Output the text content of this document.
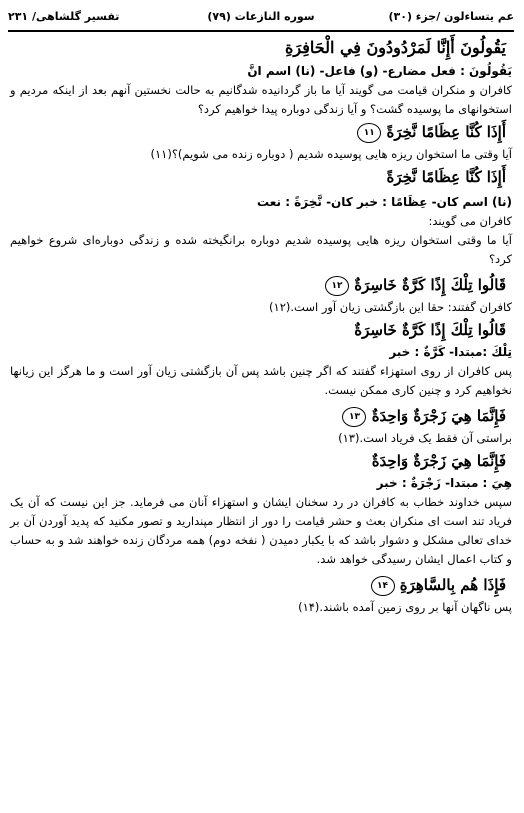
عم یتساءلون /جزء (۳۰)
سوره النازعات (۷۹)
تفسیر گلشاهی/ ۲۳۱
يَقُولُونَ أَإِنَّا لَمَرْدُودُونَ فِي الْحَافِرَةِ
يَقُولُونَ : فعل مضارع- (و) فاعل- (نا) اسم انَّ
کافران و منکران قیامت می گویند آیا ما باز گردانیده شدگانیم به حالت نخستین آنهم بعد از اینکه مردیم و استخوانهای ما پوسیده گشت؟ و آیا زندگی دوباره پیدا خواهیم کرد؟
أَإِذَا كُنَّا عِظَامًا نَّخِرَةً ۱۱
آیا وقتی ما استخوان ریزه هایی پوسیده شدیم ( دوباره زنده می شویم)؟(۱۱)
أَإِذَا كُنَّا عِظَامًا نَّخِرَةً
(نا) اسم کان- عِظَامًا : خبر کان- نَّخِرَةً : نعت
کافران می گویند:
آیا ما وقتی استخوان ریزه هایی پوسیده شدیم دوباره برانگیخته شده و زندگی دوباره‌ای شروع خواهیم کرد؟
قَالُوا تِلْكَ إِذًا كَرَّةٌ خَاسِرَةٌ ۱۲
کافران گفتند: حقا این بازگشتی زیان آور است.(۱۲)
قَالُوا تِلْكَ إِذًا كَرَّةٌ خَاسِرَةٌ
تِلْكَ :مبتدا- كَرَّةٌ : خبر
پس کافران از روی استهزاء گفتند که اگر چنین باشد پس آن بازگشتی زیان آور است و ما هرگز این زیانها نخواهیم کرد و چنین کاری ممکن نیست.
فَإِنَّمَا هِيَ زَجْرَةٌ وَاحِدَةٌ ۱۳
براستی آن فقط یک فریاد است.(۱۳)
فَإِنَّمَا هِيَ زَجْرَةٌ وَاحِدَةٌ
هِيَ : مبتدا- زَجْرَةٌ : خبر
سپس خداوند خطاب به کافران در رد سخنان ایشان و استهزاء آنان می فرماید. جز این نیست که آن یک فریاد تند است ای منکران بعث و حشر قیامت را دور از انتظار مپندارید و تصور مکنید که پدید آوردن آن بر خدای تعالی مشکل و دشوار باشد که با یکبار دمیدن ( نفخه دوم) همه مردگان زنده خواهند شد و به حساب و کتاب اعمال ایشان رسیدگی خواهد شد.
فَإِذَا هُم بِالسَّاهِرَةِ ۱۴
پس ناگهان آنها بر روی زمین آمده باشند.(۱۴)
